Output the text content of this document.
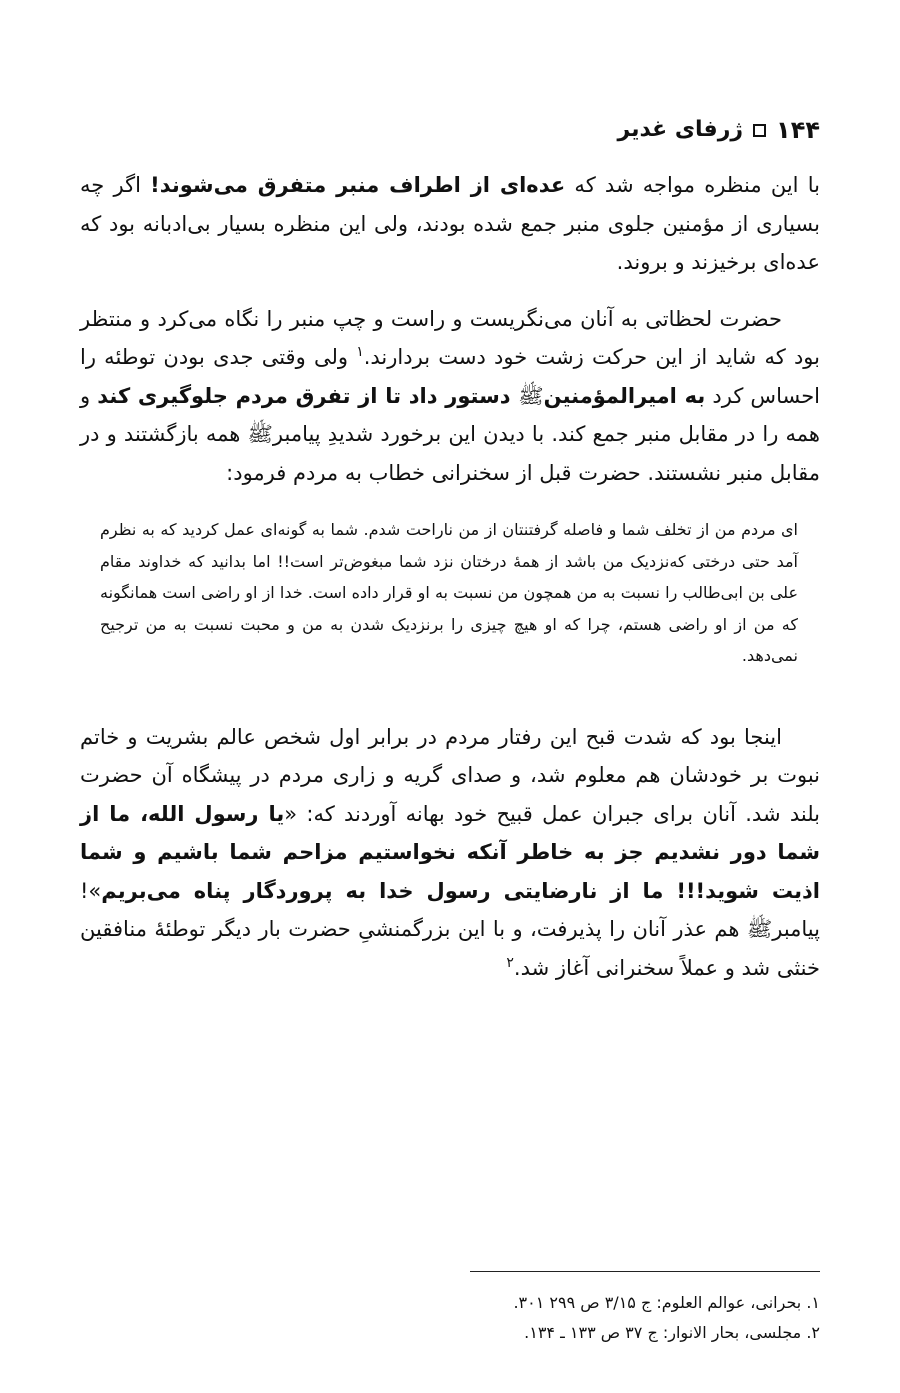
۱۴۴
ژرفای غدیر

با این منظره مواجه شد که عده‌ای از اطراف منبر متفرق می‌شوند! اگر چه بسیاری از مؤمنین جلوی منبر جمع شده بودند، ولی این منظره بسیار بی‌ادبانه بود که عده‌ای برخیزند و بروند.

حضرت لحظاتی به آنان می‌نگریست و راست و چپ منبر را نگاه می‌کرد و منتظر بود که شاید از این حرکت زشت خود دست بردارند.$^۱$ ولی وقتی جدی بودن توطئه را احساس کرد به امیرالمؤمنینﷺ دستور داد تا از تفرق مردم جلوگیری کند و همه را در مقابل منبر جمع کند. با دیدن این برخورد شدیدِ پیامبرﷺ همه بازگشتند و در مقابل منبر نشستند. حضرت قبل از سخنرانی خطاب به مردم فرمود:

ای مردم من از تخلف شما و فاصله گرفتنتان از من ناراحت شدم. شما به گونه‌ای عمل کردید که به نظرم آمد حتی درختی که‌نزدیک من باشد از همهٔ درختان نزد شما مبغوض‌تر است!! اما بدانید که خداوند مقام علی بن ابی‌طالب را نسبت به من همچون من نسبت به او قرار داده است. خدا از او راضی است همانگونه که من از او راضی هستم، چرا که او هیچ چیزی را برنزدیک شدن به من و محبت نسبت به من ترجیح نمی‌دهد.

اینجا بود که شدت قبح این رفتار مردم در برابر اول شخص عالم بشریت و خاتم نبوت بر خودشان هم معلوم شد، و صدای گریه و زاری مردم در پیشگاه آن حضرت بلند شد. آنان برای جبران عمل قبیح خود بهانه آوردند که: «یا رسول الله، ما از شما دور نشدیم جز به خاطر آنکه نخواستیم مزاحم شما باشیم و شما اذیت شوید!!! ما از نارضایتی رسول خدا به پروردگار پناه می‌بریم»! پیامبرﷺ هم عذر آنان را پذیرفت، و با این بزرگمنشیِ حضرت بار دیگر توطئهٔ منافقین خنثی شد و عملاً سخنرانی آغاز شد.$^۲$

۱. بحرانی، عوالم العلوم: ج ۳/۱۵ ص ۲۹۹ ۳۰۱.
۲. مجلسی، بحار الانوار: ج ۳۷ ص ۱۳۳ ـ ۱۳۴.
